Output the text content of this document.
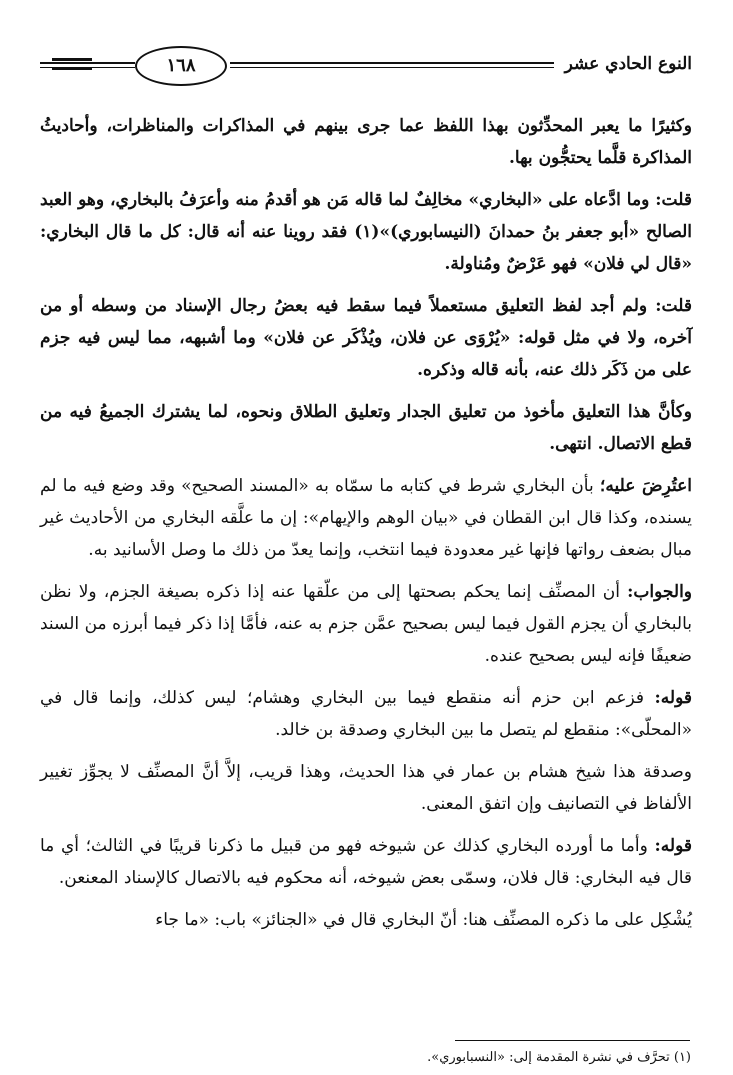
النوع الحادي عشر
١٦٨

وكثيرًا ما يعبر المحدِّثون بهذا اللفظ عما جرى بينهم في المذاكرات والمناظرات، وأحاديثُ المذاكرة قلَّما يحتجُّون بها.

قلت: وما ادَّعاه على «البخاري» مخالِفٌ لما قاله مَن هو أقدمُ منه وأعرَفُ بالبخاري، وهو العبد الصالح «أبو جعفر بنُ حمدانَ (النيسابوري)»(١) فقد روينا عنه أنه قال: كل ما قال البخاري: «قال لي فلان» فهو عَرْضٌ ومُناولة.

قلت: ولم أجد لفظ التعليق مستعملاً فيما سقط فيه بعضُ رجال الإسناد من وسطه أو من آخره، ولا في مثل قوله: «يُرْوَى عن فلان، ويُذْكَر عن فلان» وما أشبهه، مما ليس فيه جزم على من ذَكَر ذلك عنه، بأنه قاله وذكره.

وكأنَّ هذا التعليق مأخوذ من تعليق الجدار وتعليق الطلاق ونحوه، لما يشترك الجميعُ فيه من قطع الاتصال. انتهى.

اعتُرِضَ عليه؛ بأن البخاري شرط في كتابه ما سمّاه به «المسند الصحيح» وقد وضع فيه ما لم يسنده، وكذا قال ابن القطان في «بيان الوهم والإيهام»: إن ما علَّقه البخاري من الأحاديث غير مبال بضعف رواتها فإنها غير معدودة فيما انتخب، وإنما يعدّ من ذلك ما وصل الأسانيد به.

والجواب: أن المصنِّف إنما يحكم بصحتها إلى من علّقها عنه إذا ذكره بصيغة الجزم، ولا نظن بالبخاري أن يجزم القول فيما ليس بصحيح عمَّن جزم به عنه، فأمَّا إذا ذكر فيما أبرزه من السند ضعيفًا فإنه ليس بصحيح عنده.

قوله: فزعم ابن حزم أنه منقطع فيما بين البخاري وهشام؛ ليس كذلك، وإنما قال في «المحلّى»: منقطع لم يتصل ما بين البخاري وصدقة بن خالد.

وصدقة هذا شيخ هشام بن عمار في هذا الحديث، وهذا قريب، إلاَّ أنَّ المصنِّف لا يجوِّز تغيير الألفاظ في التصانيف وإن اتفق المعنى.

قوله: وأما ما أورده البخاري كذلك عن شيوخه فهو من قبيل ما ذكرنا قريبًا في الثالث؛ أي ما قال فيه البخاري: قال فلان، وسمّى بعض شيوخه، أنه محكوم فيه بالاتصال كالإسناد المعنعن.

يُشْكِل على ما ذكره المصنِّف هنا: أنّ البخاري قال في «الجنائز» باب: «ما جاء

(١) تحرَّف في نشرة المقدمة إلى: «النسبابوري».
